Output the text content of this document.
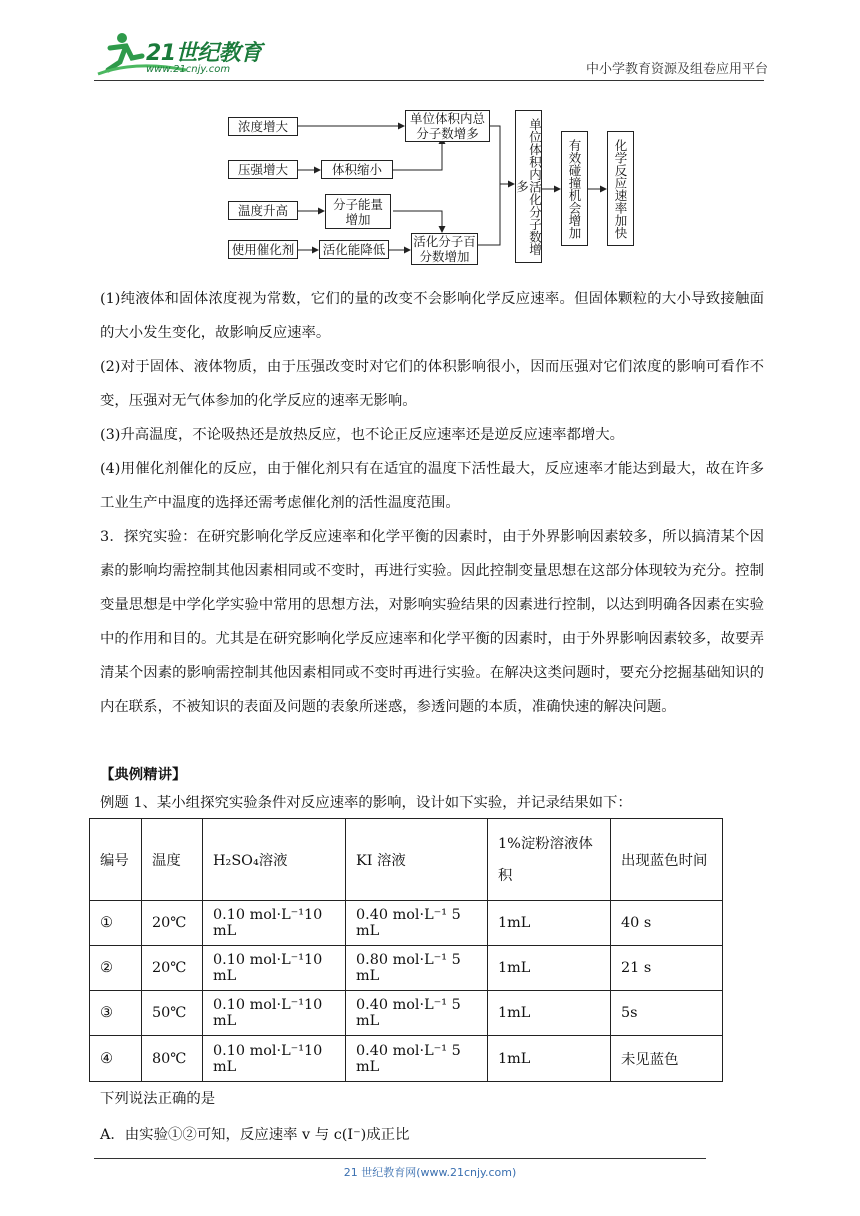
21世纪教育
www.21cnjy.com	中小学教育资源及组卷应用平台
浓度增大
压强增大
温度升高
使用催化剂
体积缩小
分子能量增加
活化能降低
单位体积内总分子数增多
活化分子百分数增加
单位体积内活化分子数增多	有效碰撞机会增加	化学反应速率加快
(1)纯液体和固体浓度视为常数，它们的量的改变不会影响化学反应速率。但固体颗粒的大小导致接触面的大小发生变化，故影响反应速率。
(2)对于固体、液体物质，由于压强改变时对它们的体积影响很小，因而压强对它们浓度的影响可看作不变，压强对无气体参加的化学反应的速率无影响。
(3)升高温度，不论吸热还是放热反应，也不论正反应速率还是逆反应速率都增大。
(4)用催化剂催化的反应，由于催化剂只有在适宜的温度下活性最大，反应速率才能达到最大，故在许多工业生产中温度的选择还需考虑催化剂的活性温度范围。
3．探究实验：在研究影响化学反应速率和化学平衡的因素时，由于外界影响因素较多，所以搞清某个因素的影响均需控制其他因素相同或不变时，再进行实验。因此控制变量思想在这部分体现较为充分。控制变量思想是中学化学实验中常用的思想方法，对影响实验结果的因素进行控制，以达到明确各因素在实验中的作用和目的。尤其是在研究影响化学反应速率和化学平衡的因素时，由于外界影响因素较多，故要弄清某个因素的影响需控制其他因素相同或不变时再进行实验。在解决这类问题时，要充分挖掘基础知识的内在联系，不被知识的表面及问题的表象所迷惑，参透问题的本质，准确快速的解决问题。
【典例精讲】
例题 1、某小组探究实验条件对反应速率的影响，设计如下实验，并记录结果如下：
编号	温度	H₂SO₄溶液	KI 溶液	1%淀粉溶液体积	出现蓝色时间
①	20℃	0.10 mol·L⁻¹10 mL	0.40 mol·L⁻¹ 5 mL	1mL	40 s
②	20℃	0.10 mol·L⁻¹10 mL	0.80 mol·L⁻¹ 5 mL	1mL	21 s
③	50℃	0.10 mol·L⁻¹10 mL	0.40 mol·L⁻¹ 5 mL	1mL	5s
④	80℃	0.10 mol·L⁻¹10 mL	0.40 mol·L⁻¹ 5 mL	1mL	未见蓝色
下列说法正确的是
A．由实验①②可知，反应速率 v 与 c(I⁻)成正比
21 世纪教育网(www.21cnjy.com)
